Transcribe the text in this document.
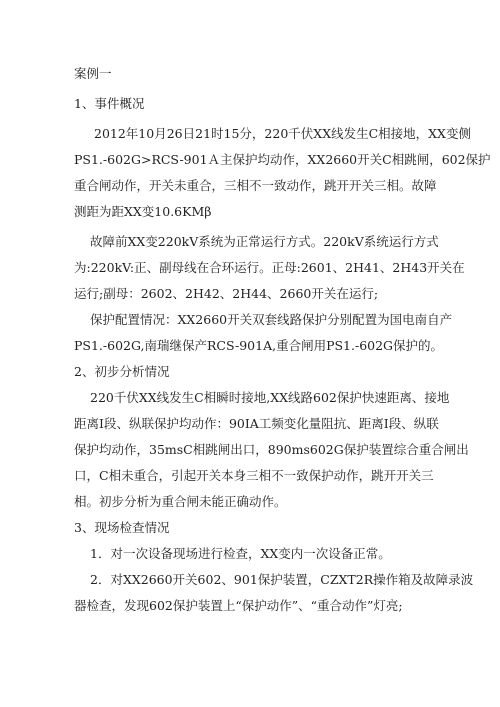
案例一
1、事件概况
2012年10月26日21时15分，220千伏XX线发生C相接地，XX变侧
PS1.-602G>RCS-901Ａ主保护均动作，XX2660开关C相跳闸，602保护
重合闸动作，开关未重合，三相不一致动作，跳开开关三相。故障
测距为距XX变10.6KMβ
故障前XX变220kV系统为正常运行方式。220kV系统运行方式
为:220kV:正、副母线在合环运行。正母:2601、2H41、2H43开关在
运行;副母：2602、2H42、2H44、2660开关在运行;
保护配置情况：XX2660开关双套线路保护分别配置为国电南自产
PS1.-602G,南瑞继保产RCS-901A,重合闸用PS1.-602G保护的。
2、初步分析情况
220千伏XX线发生C相瞬时接地,XX线路602保护快速距离、接地
距离I段、纵联保护均动作：90IA工频变化量阻抗、距离I段、纵联
保护均动作，35msC相跳闸出口，890ms602G保护装置综合重合闸出
口，C相未重合，引起开关本身三相不一致保护动作，跳开开关三
相。初步分析为重合闸未能正确动作。
3、现场检查情况
1．对一次设备现场进行检查，XX变内一次设备正常。
2．对XX2660开关602、901保护装置，CZXT2R操作箱及故障录波
器检查，发现602保护装置上“保护动作”、“重合动作”灯亮;
